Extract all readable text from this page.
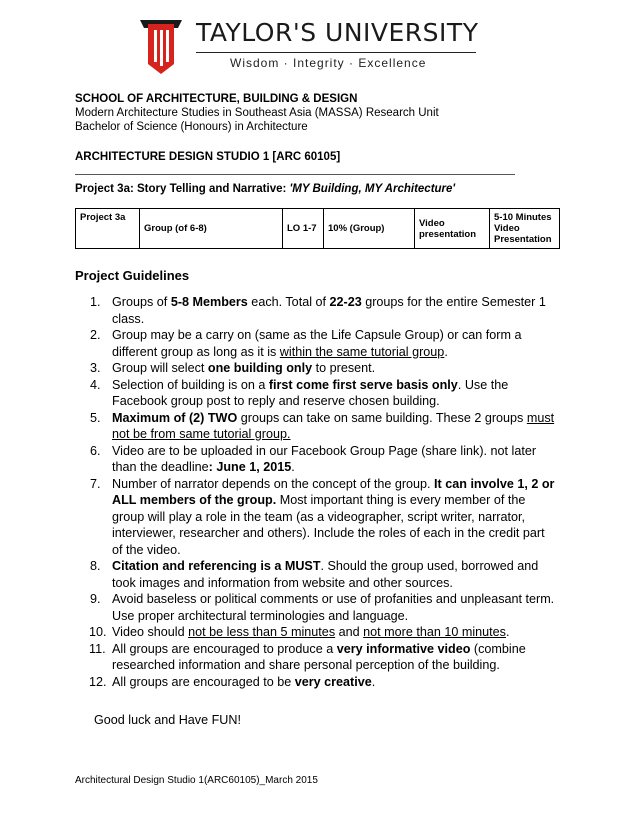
TAYLOR'S UNIVERSITY
Wisdom · Integrity · Excellence
SCHOOL OF ARCHITECTURE, BUILDING & DESIGN
Modern Architecture Studies in Southeast Asia (MASSA) Research Unit
Bachelor of Science (Honours) in Architecture
ARCHITECTURE DESIGN STUDIO 1 [ARC 60105]
Project 3a: Story Telling and Narrative: 'MY Building, MY Architecture'
Project 3a	Group (of 6-8)	LO 1-7	10% (Group)	Video presentation	5-10 Minutes Video Presentation
Project Guidelines
1. Groups of 5-8 Members each. Total of 22-23 groups for the entire Semester 1 class.
2. Group may be a carry on (same as the Life Capsule Group) or can form a different group as long as it is within the same tutorial group.
3. Group will select one building only to present.
4. Selection of building is on a first come first serve basis only. Use the Facebook group post to reply and reserve chosen building.
5. Maximum of (2) TWO groups can take on same building. These 2 groups must not be from same tutorial group.
6. Video are to be uploaded in our Facebook Group Page (share link). not later than the deadline: June 1, 2015.
7. Number of narrator depends on the concept of the group. It can involve 1, 2 or ALL members of the group. Most important thing is every member of the group will play a role in the team (as a videographer, script writer, narrator, interviewer, researcher and others). Include the roles of each in the credit part of the video.
8. Citation and referencing is a MUST. Should the group used, borrowed and took images and information from website and other sources.
9. Avoid baseless or political comments or use of profanities and unpleasant term. Use proper architectural terminologies and language.
10. Video should not be less than 5 minutes and not more than 10 minutes.
11. All groups are encouraged to produce a very informative video (combine researched information and share personal perception of the building.
12. All groups are encouraged to be very creative.
Good luck and Have FUN!
Architectural Design Studio 1(ARC60105)_March 2015
